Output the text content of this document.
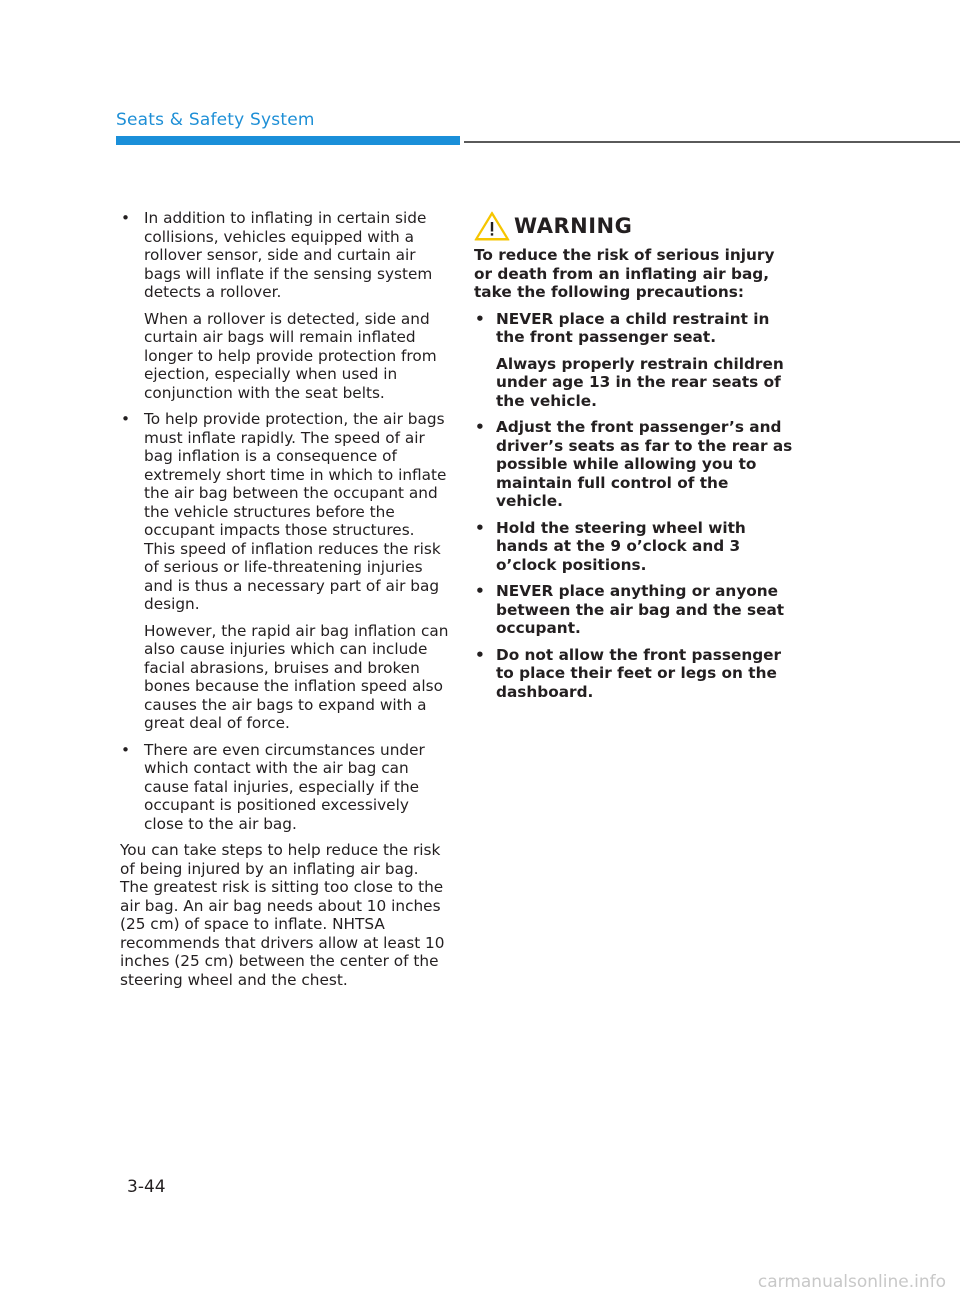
Seats & Safety System
• In addition to inflating in certain side collisions, vehicles equipped with a rollover sensor, side and curtain air bags will inflate if the sensing system detects a rollover.

When a rollover is detected, side and curtain air bags will remain inflated longer to help provide protection from ejection, especially when used in conjunction with the seat belts.

• To help provide protection, the air bags must inflate rapidly. The speed of air bag inflation is a consequence of extremely short time in which to inflate the air bag between the occupant and the vehicle structures before the occupant impacts those structures. This speed of inflation reduces the risk of serious or life-threatening injuries and is thus a necessary part of air bag design.

However, the rapid air bag inflation can also cause injuries which can include facial abrasions, bruises and broken bones because the inflation speed also causes the air bags to expand with a great deal of force.

• There are even circumstances under which contact with the air bag can cause fatal injuries, especially if the occupant is positioned excessively close to the air bag.

You can take steps to help reduce the risk of being injured by an inflating air bag. The greatest risk is sitting too close to the air bag. An air bag needs about 10 inches (25 cm) of space to inflate. NHTSA recommends that drivers allow at least 10 inches (25 cm) between the center of the steering wheel and the chest.

WARNING

To reduce the risk of serious injury or death from an inflating air bag, take the following precautions:

• NEVER place a child restraint in the front passenger seat.

Always properly restrain children under age 13 in the rear seats of the vehicle.

• Adjust the front passenger’s and driver’s seats as far to the rear as possible while allowing you to maintain full control of the vehicle.

• Hold the steering wheel with hands at the 9 o’clock and 3 o’clock positions.

• NEVER place anything or anyone between the air bag and the seat occupant.

• Do not allow the front passenger to place their feet or legs on the dashboard.

3-44
carmanualsonline.info
